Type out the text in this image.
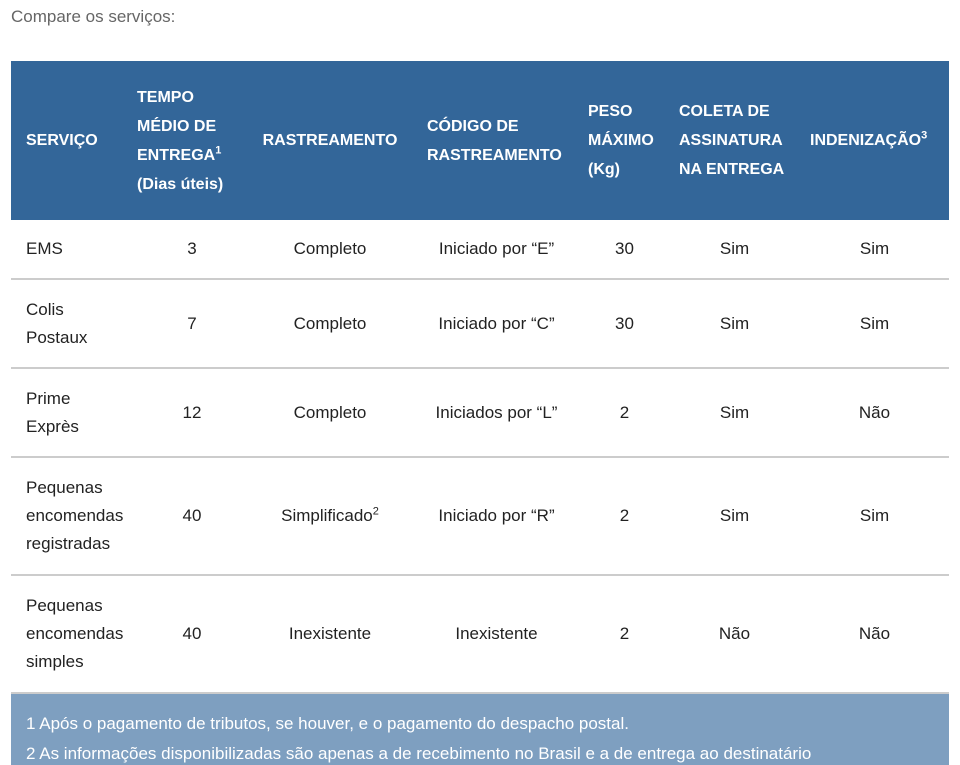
Compare os serviços:

SERVIÇO	TEMPO MÉDIO DE ENTREGA$^1$ (Dias úteis)	RASTREAMENTO	CÓDIGO DE RASTREAMENTO	PESO MÁXIMO (Kg)	COLETA DE ASSINATURA NA ENTREGA	INDENIZAÇÃO$^3$
EMS	3	Completo	Iniciado por “E”	30	Sim	Sim
Colis Postaux	7	Completo	Iniciado por “C”	30	Sim	Sim
Prime Exprès	12	Completo	Iniciados por “L”	2	Sim	Não
Pequenas encomendas registradas	40	Simplificado$^2$	Iniciado por “R”	2	Sim	Sim
Pequenas encomendas simples	40	Inexistente	Inexistente	2	Não	Não
1 Após o pagamento de tributos, se houver, e o pagamento do despacho postal.
2 As informações disponibilizadas são apenas a de recebimento no Brasil e a de entrega ao destinatário
